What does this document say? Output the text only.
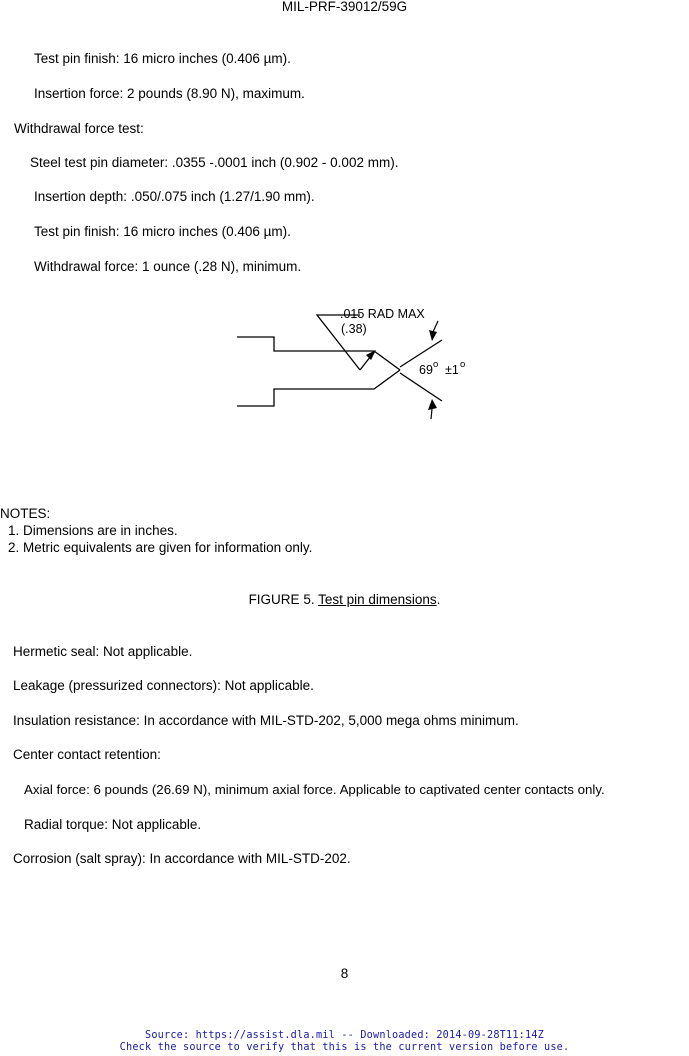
MIL-PRF-39012/59G
Test pin finish: 16 micro inches (0.406 µm).
Insertion force: 2 pounds (8.90 N), maximum.
Withdrawal force test:
Steel test pin diameter: .0355 -.0001 inch (0.902 - 0.002 mm).
Insertion depth: .050/.075 inch (1.27/1.90 mm).
Test pin finish: 16 micro inches (0.406 µm).
Withdrawal force: 1 ounce (.28 N), minimum.
.015 RAD MAX
(.38)
69 o ±1 o
NOTES:
1. Dimensions are in inches.
2. Metric equivalents are given for information only.
FIGURE 5. Test pin dimensions.
Hermetic seal: Not applicable.
Leakage (pressurized connectors): Not applicable.
Insulation resistance: In accordance with MIL-STD-202, 5,000 mega ohms minimum.
Center contact retention:
Axial force: 6 pounds (26.69 N), minimum axial force. Applicable to captivated center contacts only.
Radial torque: Not applicable.
Corrosion (salt spray): In accordance with MIL-STD-202.
8
Source: https://assist.dla.mil -- Downloaded: 2014-09-28T11:14Z
Check the source to verify that this is the current version before use.
